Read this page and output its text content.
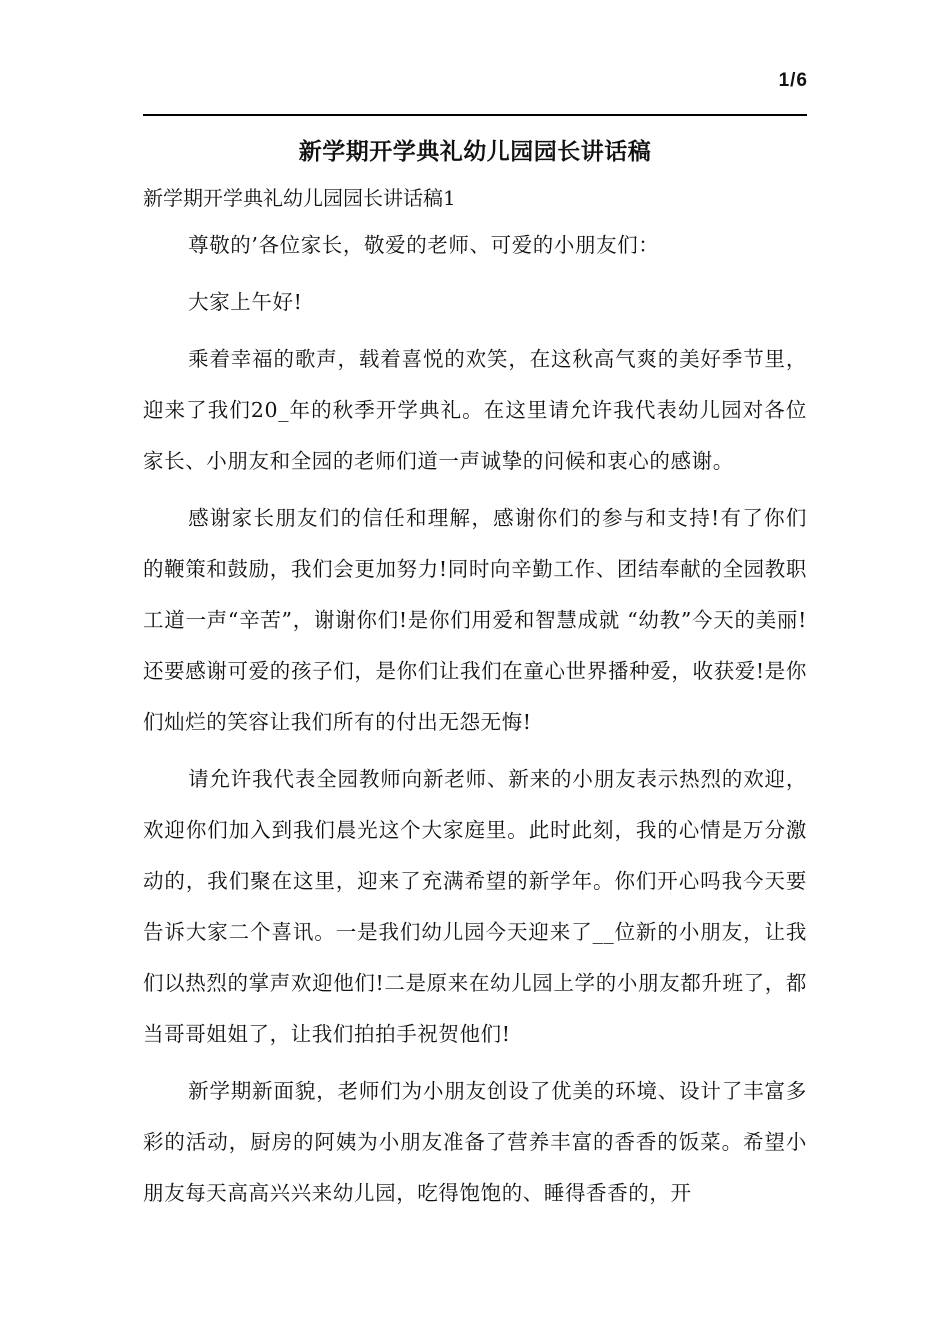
1/6
新学期开学典礼幼儿园园长讲话稿

新学期开学典礼幼儿园园长讲话稿1

尊敬的’各位家长，敬爱的老师、可爱的小朋友们：

大家上午好!

乘着幸福的歌声，载着喜悦的欢笑，在这秋高气爽的美好季节里，迎来了我们20_年的秋季开学典礼。在这里请允许我代表幼儿园对各位家长、小朋友和全园的老师们道一声诚挚的问候和衷心的感谢。

感谢家长朋友们的信任和理解，感谢你们的参与和支持!有了你们的鞭策和鼓励，我们会更加努力!同时向辛勤工作、团结奉献的全园教职工道一声“辛苦”，谢谢你们!是你们用爱和智慧成就 “幼教”今天的美丽!还要感谢可爱的孩子们，是你们让我们在童心世界播种爱，收获爱!是你们灿烂的笑容让我们所有的付出无怨无悔!

请允许我代表全园教师向新老师、新来的小朋友表示热烈的欢迎，欢迎你们加入到我们晨光这个大家庭里。此时此刻，我的心情是万分激动的，我们聚在这里，迎来了充满希望的新学年。你们开心吗我今天要告诉大家二个喜讯。一是我们幼儿园今天迎来了__位新的小朋友，让我们以热烈的掌声欢迎他们!二是原来在幼儿园上学的小朋友都升班了，都当哥哥姐姐了，让我们拍拍手祝贺他们!

新学期新面貌，老师们为小朋友创设了优美的环境、设计了丰富多彩的活动，厨房的阿姨为小朋友准备了营养丰富的香香的饭菜。希望小朋友每天高高兴兴来幼儿园，吃得饱饱的、睡得香香的，开
